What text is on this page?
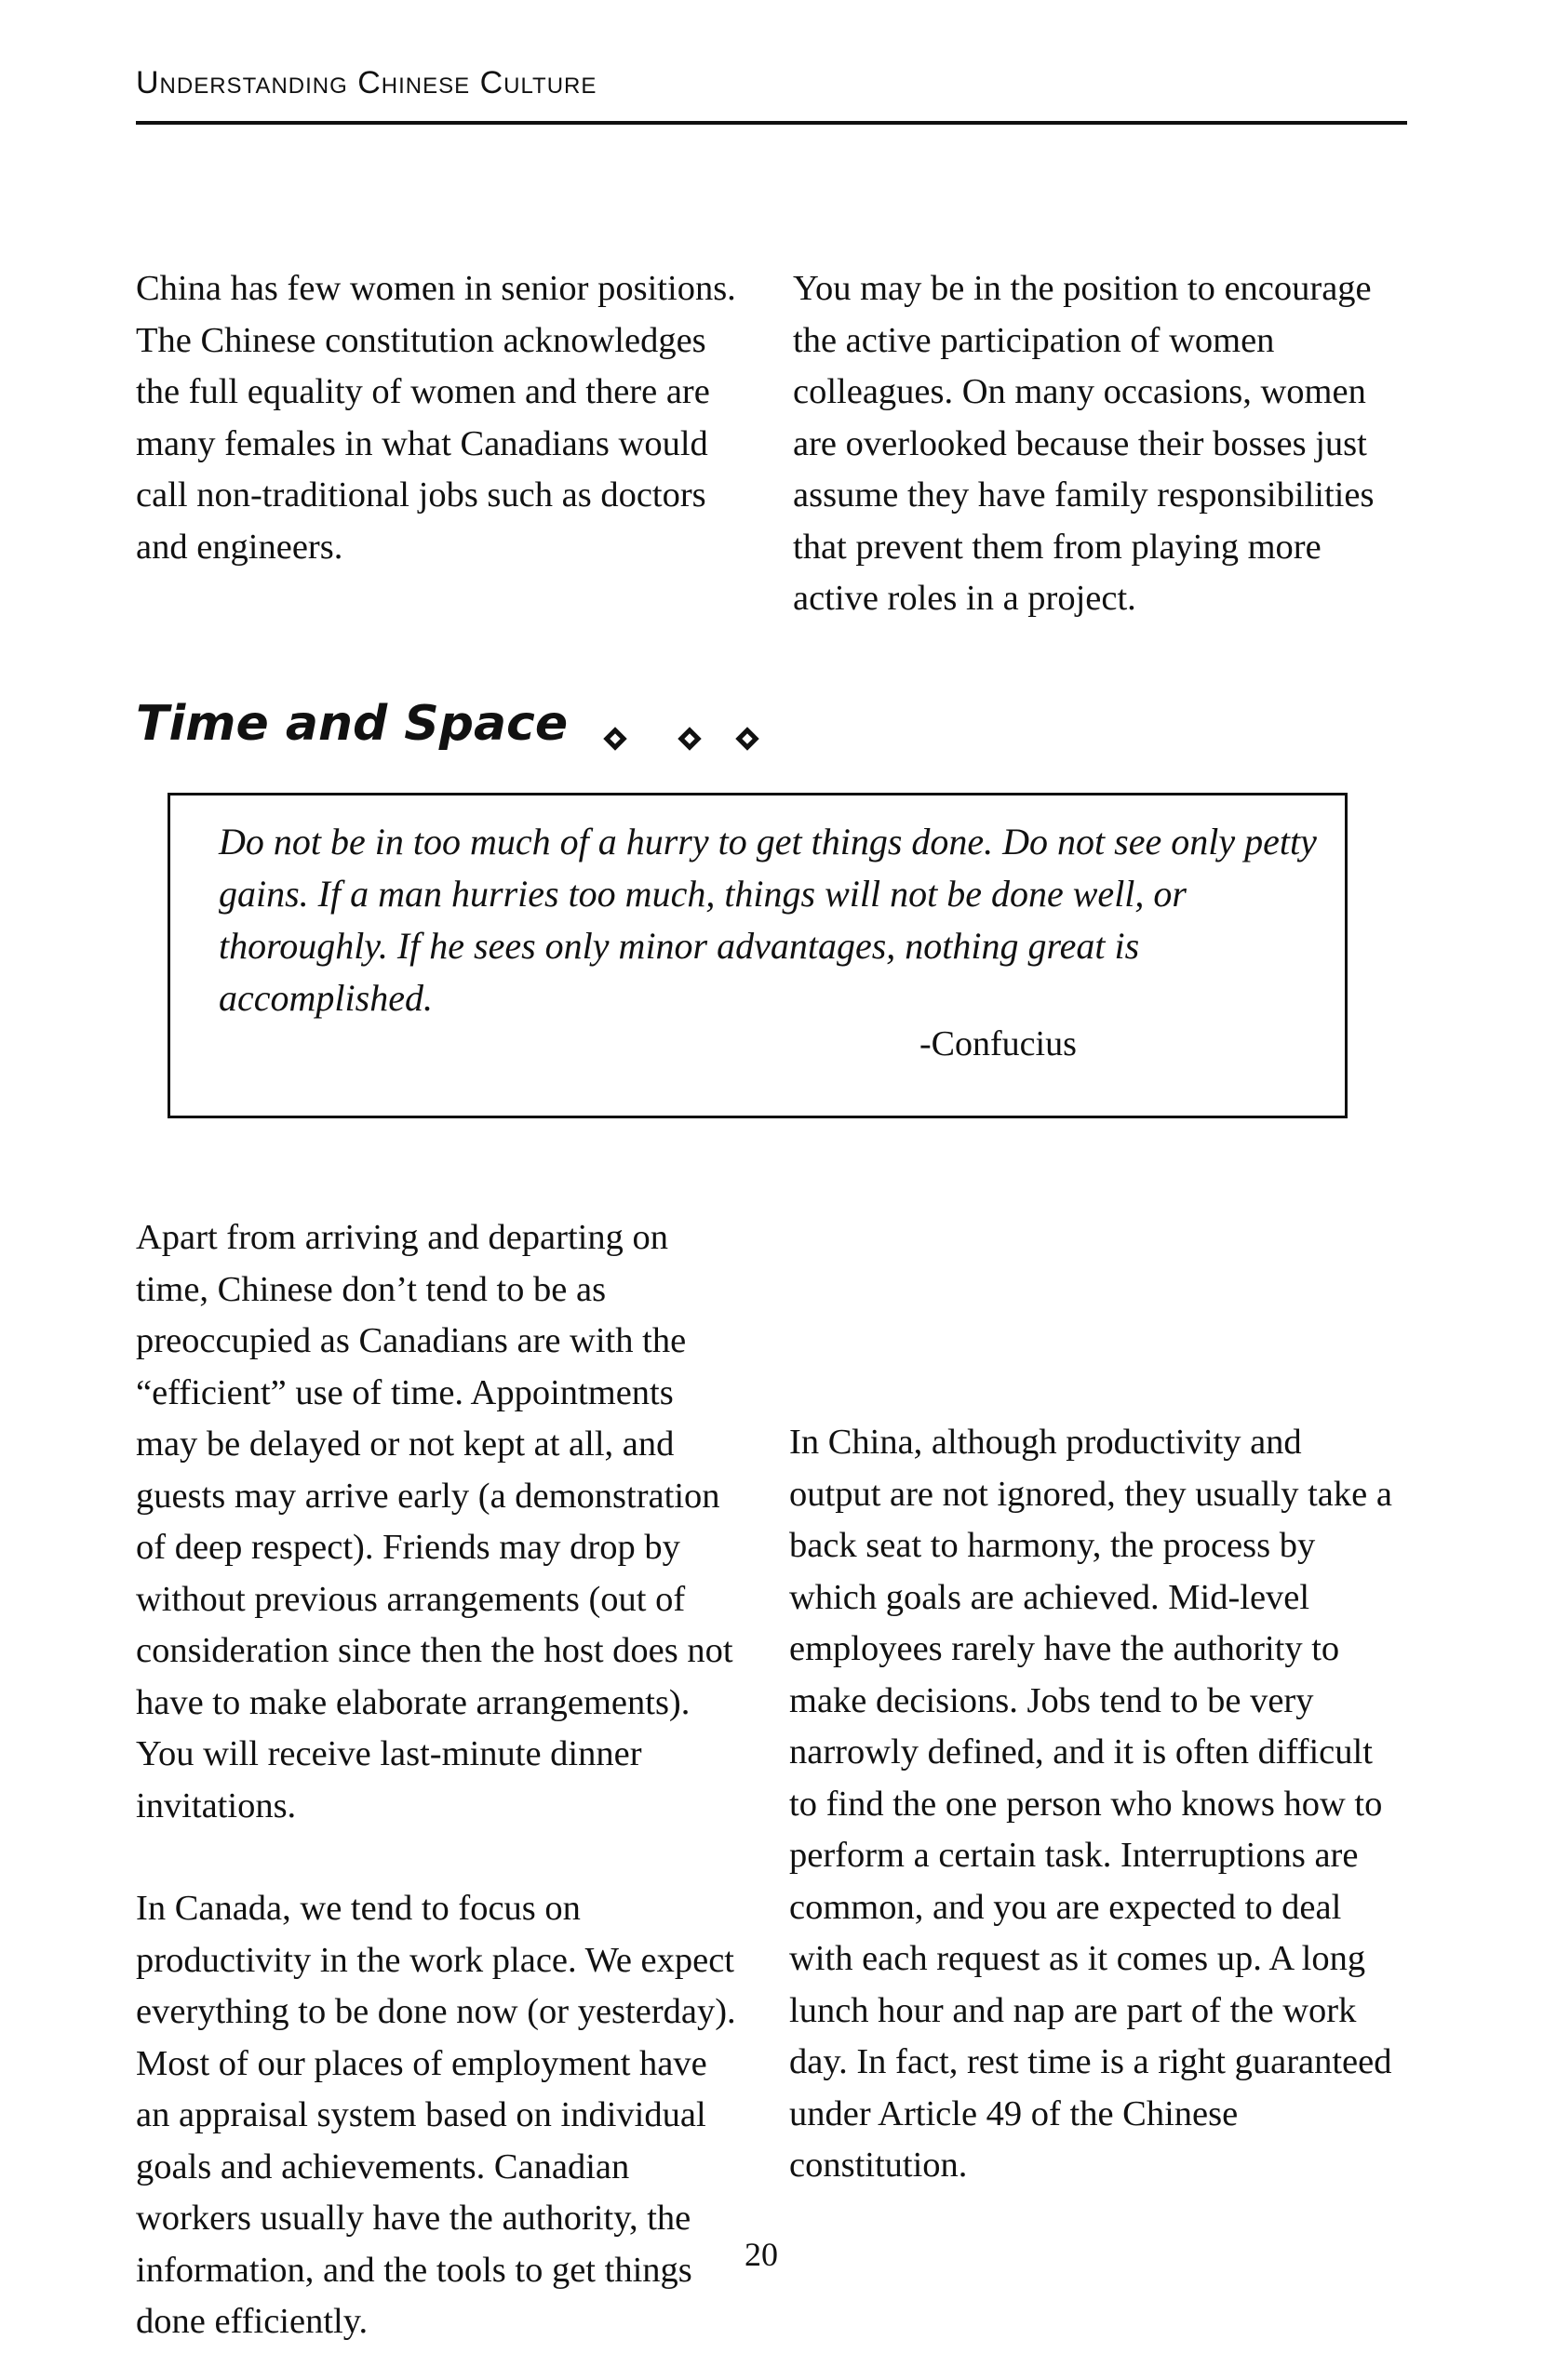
Understanding Chinese Culture

China has few women in senior positions. The Chinese constitution acknowledges the full equality of women and there are many females in what Canadians would call non-traditional jobs such as doctors and engineers.

You may be in the position to encourage the active participation of women colleagues. On many occasions, women are overlooked because their bosses just assume they have family responsibilities that prevent them from playing more active roles in a project.

Time and Space
Do not be in too much of a hurry to get things done. Do not see only petty gains. If a man hurries too much, things will not be done well, or thoroughly. If he sees only minor advantages, nothing great is accomplished.
-Confucius

Apart from arriving and departing on time, Chinese don’t tend to be as preoccupied as Canadians are with the “efficient” use of time. Appointments may be delayed or not kept at all, and guests may arrive early (a demonstration of deep respect). Friends may drop by without previous arrangements (out of consideration since then the host does not have to make elaborate arrangements). You will receive last-minute dinner invitations.

In Canada, we tend to focus on productivity in the work place. We expect everything to be done now (or yesterday). Most of our places of employment have an appraisal system based on individual goals and achievements. Canadian workers usually have the authority, the information, and the tools to get things done efficiently.

In China, although productivity and output are not ignored, they usually take a back seat to harmony, the process by which goals are achieved. Mid-level employees rarely have the authority to make decisions. Jobs tend to be very narrowly defined, and it is often difficult to find the one person who knows how to perform a certain task. Interruptions are common, and you are expected to deal with each request as it comes up. A long lunch hour and nap are part of the work day. In fact, rest time is a right guaranteed under Article 49 of the Chinese constitution.

20
